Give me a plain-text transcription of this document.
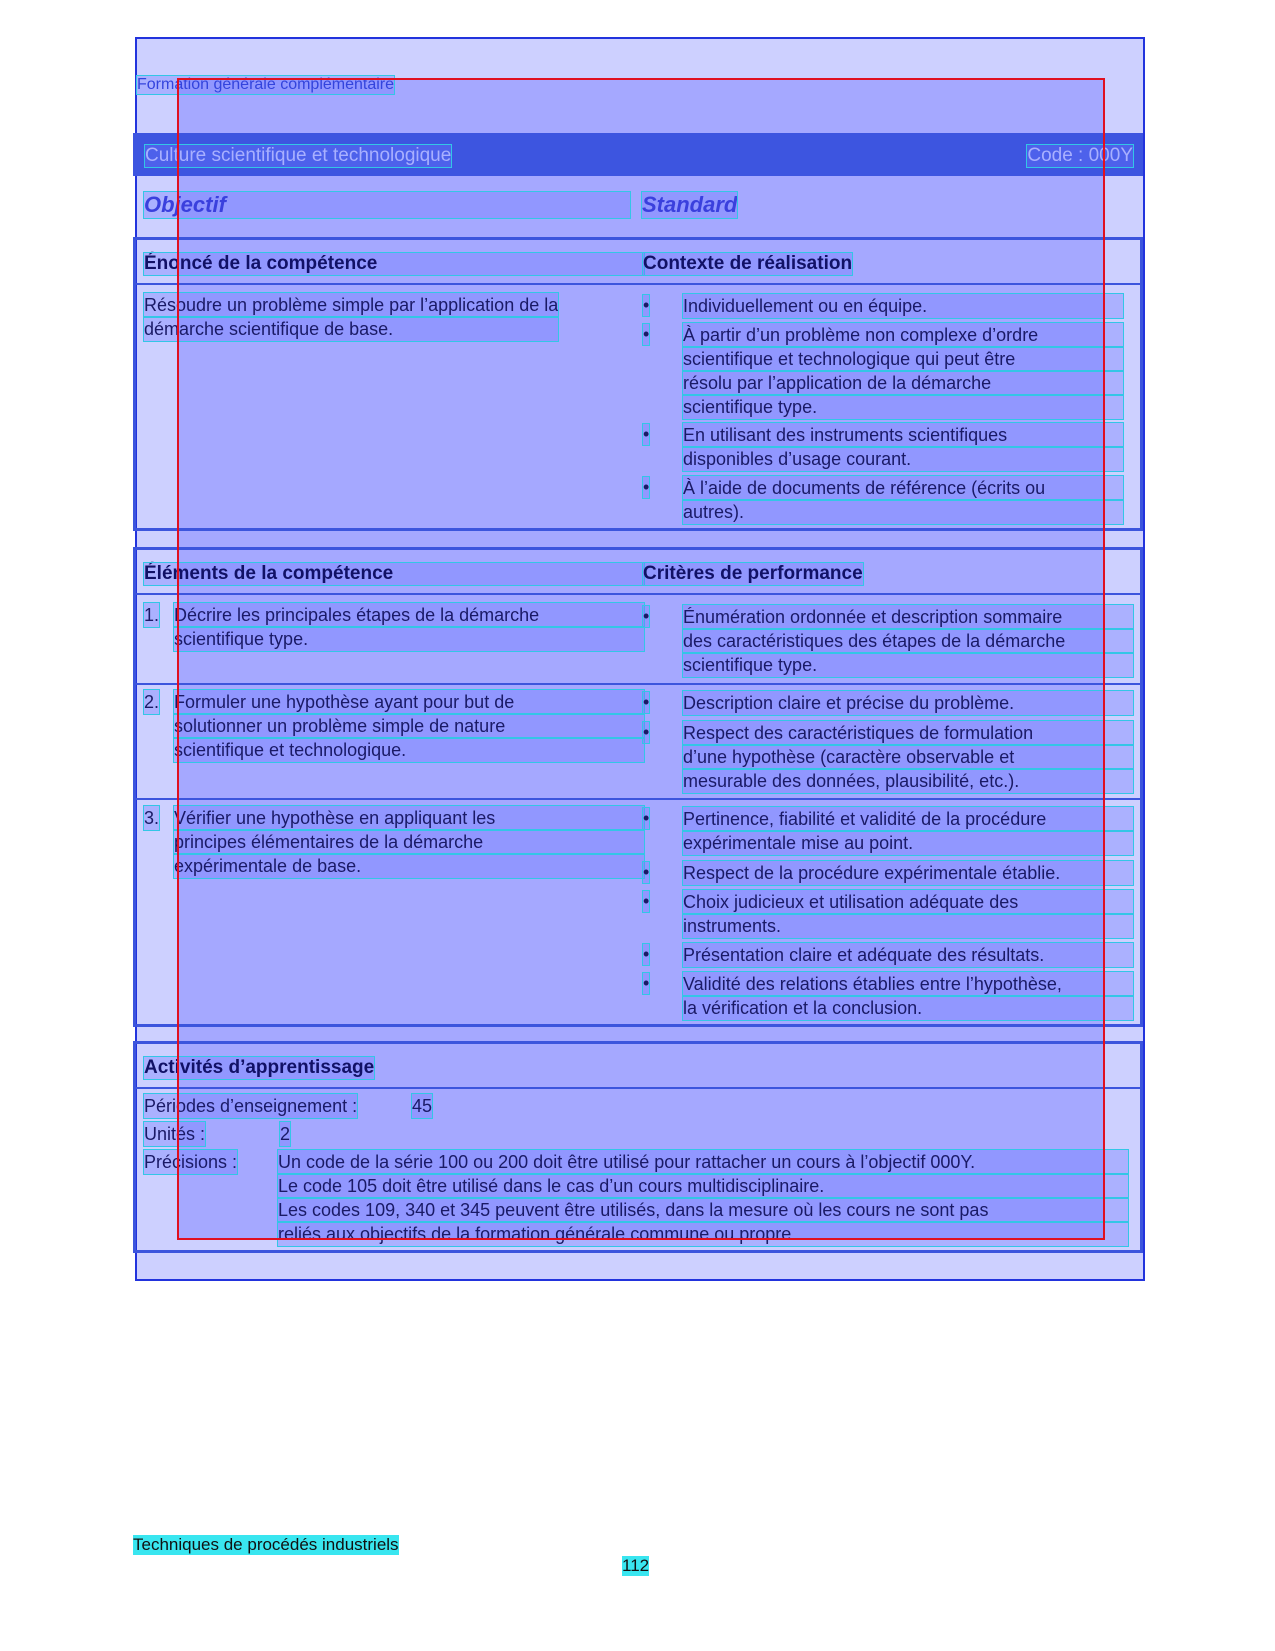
Formation générale complémentaire
Culture scientifique et technologique	Code : 000Y
Objectif	Standard
Énoncé de la compétence	Contexte de réalisation
Résoudre un problème simple par l’application de la
démarche scientifique de base.
• Individuellement ou en équipe.
• À partir d’un problème non complexe d’ordre
scientifique et technologique qui peut être
résolu par l’application de la démarche
scientifique type.
• En utilisant des instruments scientifiques
disponibles d’usage courant.
• À l’aide de documents de référence (écrits ou
autres).
Éléments de la compétence	Critères de performance
1. Décrire les principales étapes de la démarche
scientifique type.
• Énumération ordonnée et description sommaire
des caractéristiques des étapes de la démarche
scientifique type.
2. Formuler une hypothèse ayant pour but de
solutionner un problème simple de nature
scientifique et technologique.
• Description claire et précise du problème.
• Respect des caractéristiques de formulation
d’une hypothèse (caractère observable et
mesurable des données, plausibilité, etc.).
3. Vérifier une hypothèse en appliquant les
principes élémentaires de la démarche
expérimentale de base.
• Pertinence, fiabilité et validité de la procédure
expérimentale mise au point.
• Respect de la procédure expérimentale établie.
• Choix judicieux et utilisation adéquate des
instruments.
• Présentation claire et adéquate des résultats.
• Validité des relations établies entre l’hypothèse,
la vérification et la conclusion.
Activités d’apprentissage
Périodes d’enseignement :	45
Unités :	2
Précisions : Un code de la série 100 ou 200 doit être utilisé pour rattacher un cours à l’objectif 000Y.
Le code 105 doit être utilisé dans le cas d’un cours multidisciplinaire.
Les codes 109, 340 et 345 peuvent être utilisés, dans la mesure où les cours ne sont pas
reliés aux objectifs de la formation générale commune ou propre.
Techniques de procédés industriels
112
